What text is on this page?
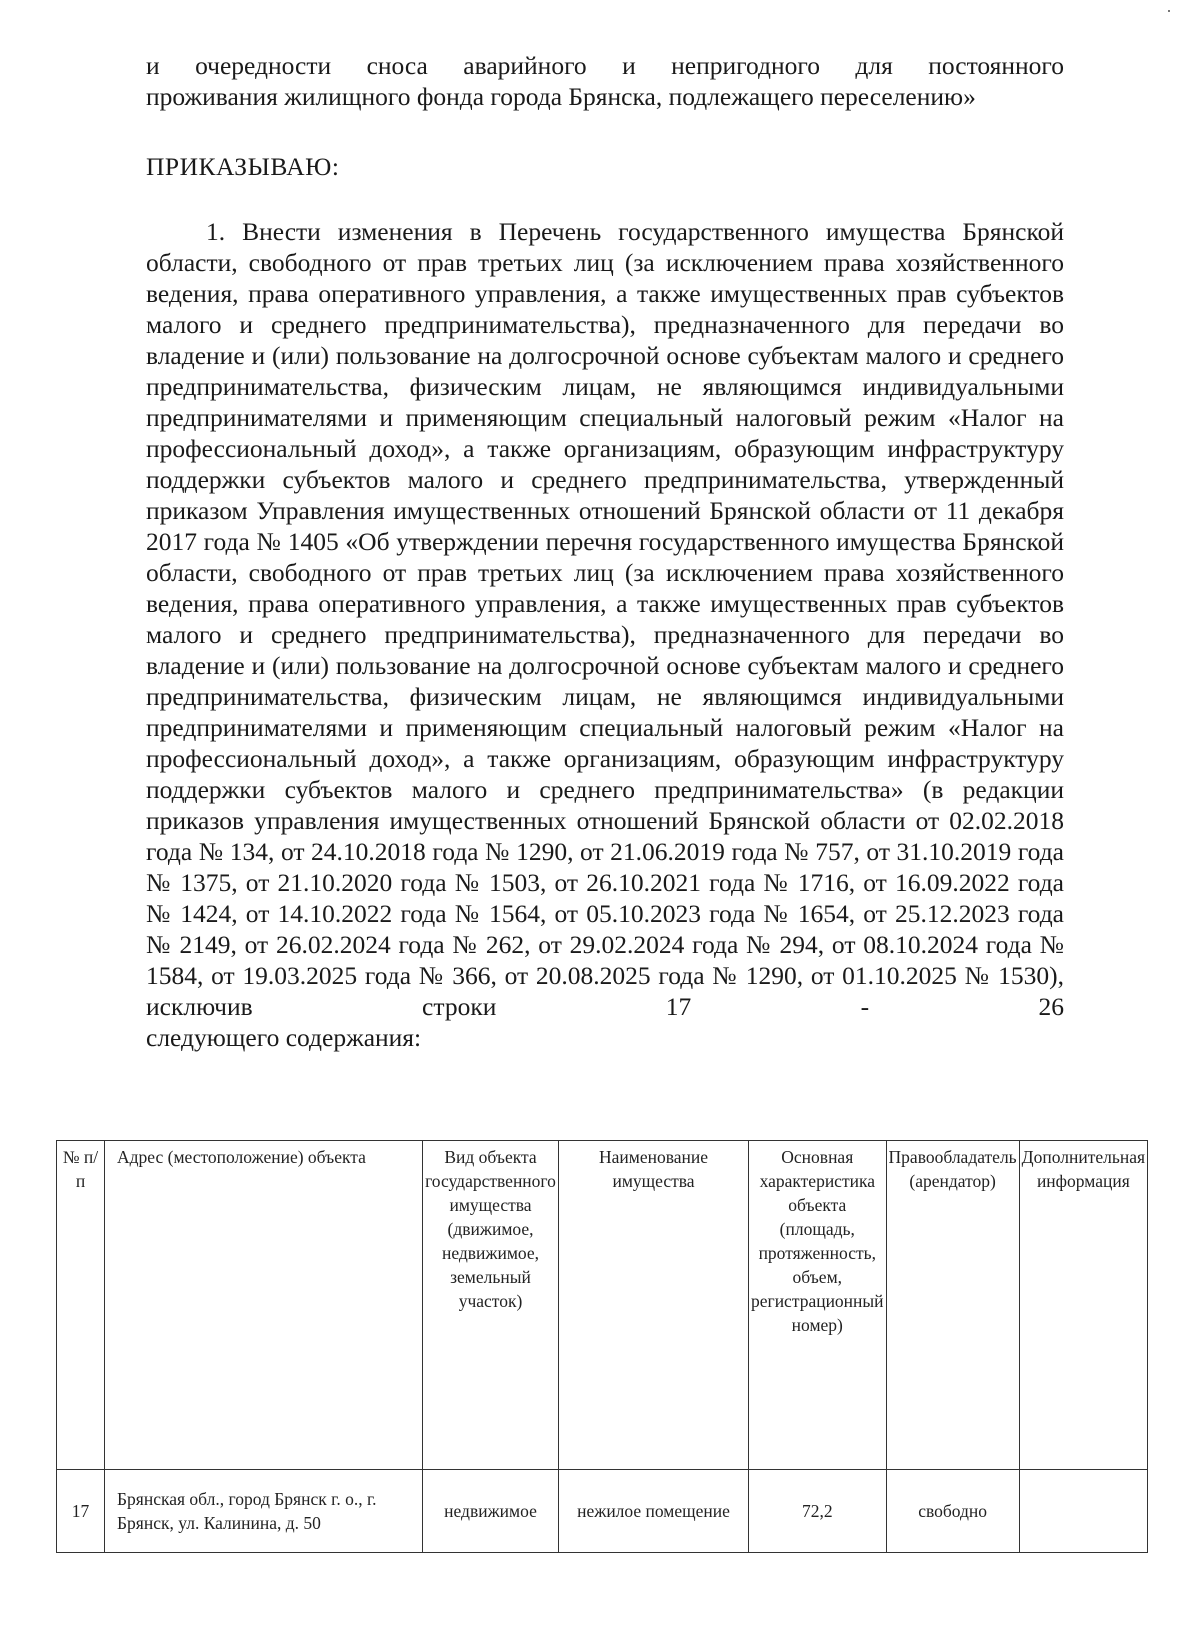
и очередности сноса аварийного и непригодного для постоянного

проживания жилищного фонда города Брянска, подлежащего переселению»

ПРИКАЗЫВАЮ:

1. Внести изменения в Перечень государственного имущества Брянской области, свободного от прав третьих лиц (за исключением права хозяйственного ведения, права оперативного управления, а также имущественных прав субъектов малого и среднего предпринимательства), предназначенного для передачи во владение и (или) пользование на долгосрочной основе субъектам малого и среднего предпринимательства, физическим лицам, не являющимся индивидуальными предпринимателями и применяющим специальный налоговый режим «Налог на профессиональный доход», а также организациям, образующим инфраструктуру поддержки субъектов малого и среднего предпринимательства, утвержденный приказом Управления имущественных отношений Брянской области от 11 декабря 2017 года № 1405 «Об утверждении перечня государственного имущества Брянской области, свободного от прав третьих лиц (за исключением права хозяйственного ведения, права оперативного управления, а также имущественных прав субъектов малого и среднего предпринимательства), предназначенного для передачи во владение и (или) пользование на долгосрочной основе субъектам малого и среднего предпринимательства, физическим лицам, не являющимся индивидуальными предпринимателями и применяющим специальный налоговый режим «Налог на профессиональный доход», а также организациям, образующим инфраструктуру поддержки субъектов малого и среднего предпринимательства» (в редакции приказов управления имущественных отношений Брянской области от 02.02.2018 года № 134, от 24.10.2018 года № 1290, от 21.06.2019 года № 757, от 31.10.2019 года № 1375, от 21.10.2020 года № 1503, от 26.10.2021 года № 1716, от 16.09.2022 года № 1424, от 14.10.2022 года № 1564, от 05.10.2023 года № 1654, от 25.12.2023 года № 2149, от 26.02.2024 года № 262, от 29.02.2024 года № 294, от 08.10.2024 года № 1584, от 19.03.2025 года № 366, от 20.08.2025 года № 1290, от 01.10.2025 № 1530), исключив строки 17 - 26

следующего содержания:

№ п/п	Адрес (местоположение) объекта	Вид объекта государственного имущества (движимое, недвижимое, земельный участок)	Наименование имущества	Основная характеристика объекта (площадь, протяженность, объем, регистрационный номер)	Правообладатель (арендатор)	Дополнительная информация
17	Брянская обл., город Брянск г. о., г. Брянск, ул. Калинина, д. 50	недвижимое	нежилое помещение	72,2	свободно	
